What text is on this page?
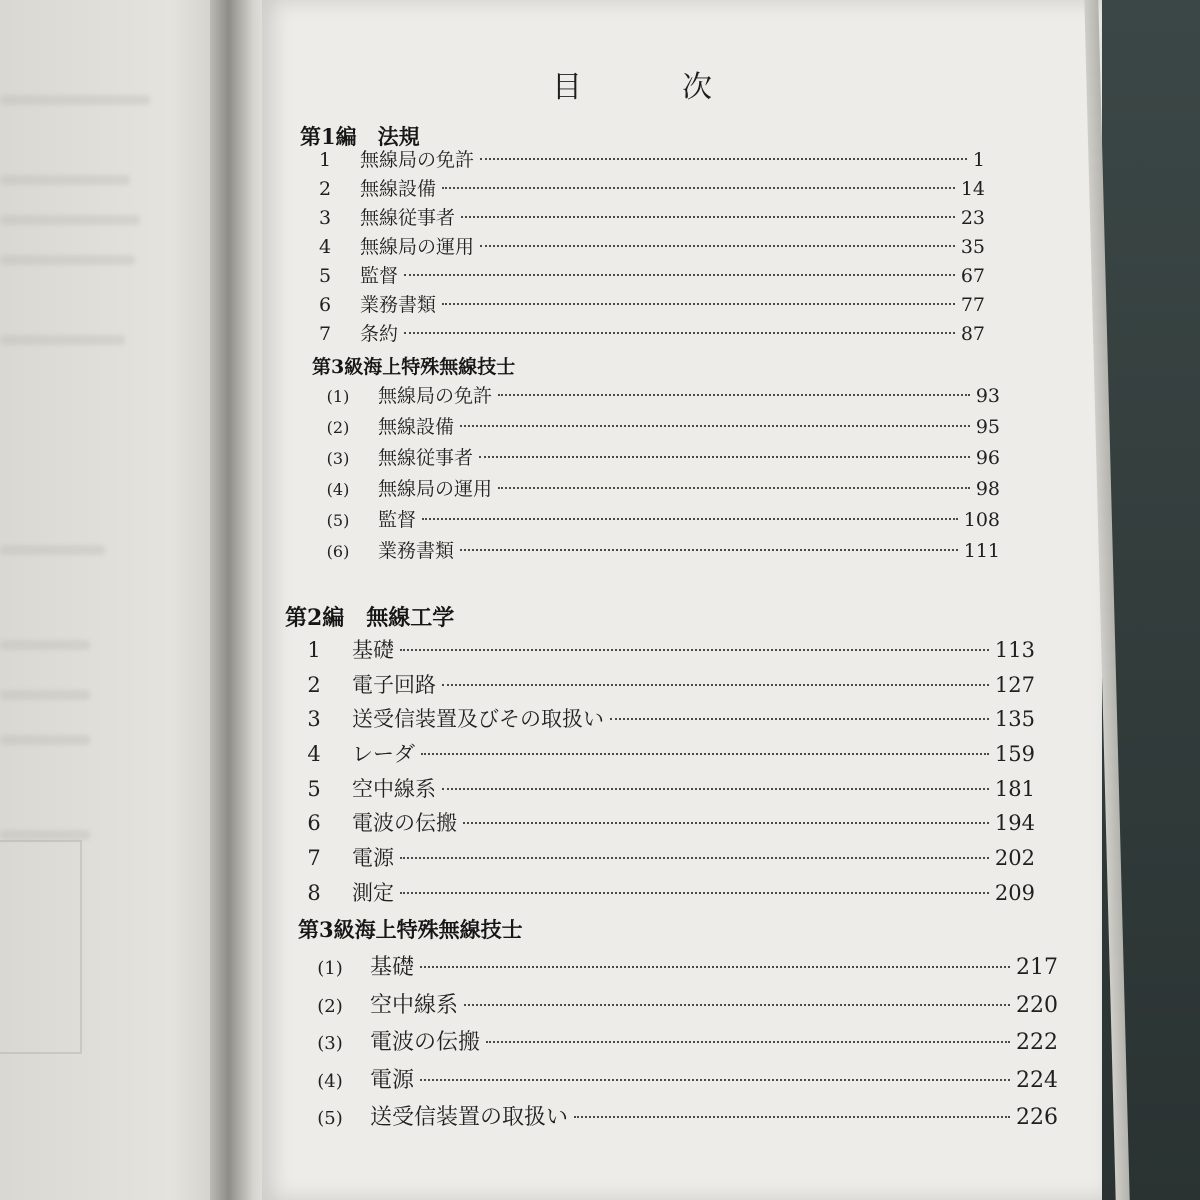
目次
第1編　法規
1	無線局の免許	1
2	無線設備	14
3	無線従事者	23
4	無線局の運用	35
5	監督	67
6	業務書類	77
7	条約	87
第3級海上特殊無線技士
(1)	無線局の免許	93
(2)	無線設備	95
(3)	無線従事者	96
(4)	無線局の運用	98
(5)	監督	108
(6)	業務書類	111
第2編　無線工学
1	基礎	113
2	電子回路	127
3	送受信装置及びその取扱い	135
4	レーダ	159
5	空中線系	181
6	電波の伝搬	194
7	電源	202
8	測定	209
第3級海上特殊無線技士
(1)	基礎	217
(2)	空中線系	220
(3)	電波の伝搬	222
(4)	電源	224
(5)	送受信装置の取扱い	226
